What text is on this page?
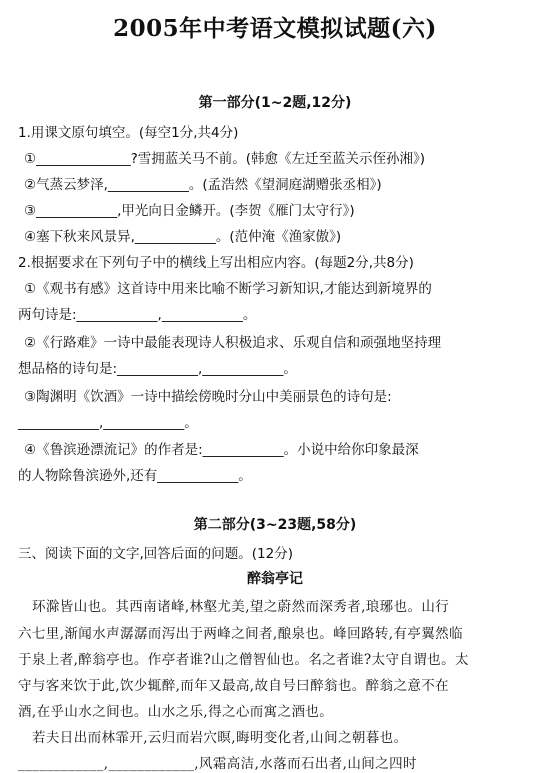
2005年中考语文模拟试题(六)
第一部分(1~2题,12分)
1.用课文原句填空。(每空1分,共4分)
①______________?雪拥蓝关马不前。(韩愈《左迁至蓝关示侄孙湘》)
②气蒸云梦泽,____________。(孟浩然《望洞庭湖赠张丞相》)
③____________,甲光向日金鳞开。(李贺《雁门太守行》)
④塞下秋来风景异,____________。(范仲淹《渔家傲》)
2.根据要求在下列句子中的横线上写出相应内容。(每题2分,共8分)
①《观书有感》这首诗中用来比喻不断学习新知识,才能达到新境界的
两句诗是:____________,____________。
②《行路难》一诗中最能表现诗人积极追求、乐观自信和顽强地坚持理
想品格的诗句是:____________,____________。
③陶渊明《饮酒》一诗中描绘傍晚时分山中美丽景色的诗句是:
____________,____________。
④《鲁滨逊漂流记》的作者是:____________。小说中给你印象最深
的人物除鲁滨逊外,还有____________。
第二部分(3~23题,58分)
三、阅读下面的文字,回答后面的问题。(12分)
醉翁亭记
环滁皆山也。其西南诸峰,林壑尤美,望之蔚然而深秀者,琅琊也。山行
六七里,渐闻水声潺潺而泻出于两峰之间者,酿泉也。峰回路转,有亭翼然临
于泉上者,醉翁亭也。作亭者谁?山之僧智仙也。名之者谁?太守自谓也。太
守与客来饮于此,饮少辄醉,而年又最高,故自号曰醉翁也。醉翁之意不在
酒,在乎山水之间也。山水之乐,得之心而寓之酒也。
若夫日出而林霏开,云归而岩穴暝,晦明变化者,山间之朝暮也。
____________,____________,风霜高洁,水落而石出者,山间之四时
